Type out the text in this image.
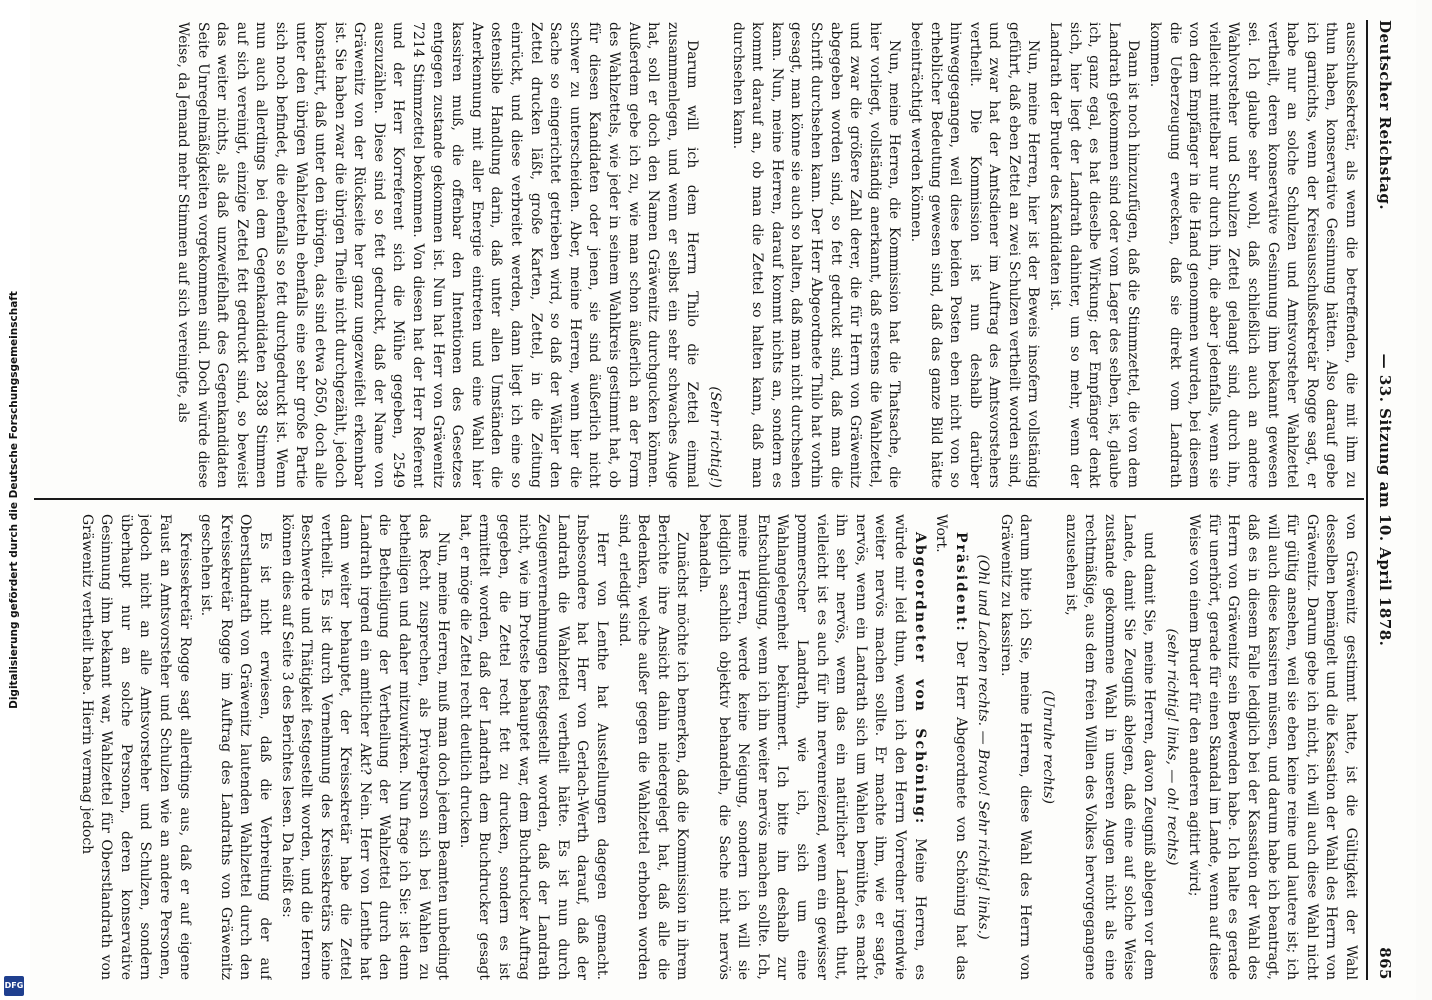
Deutscher Reichstag.
— 33. Sitzung am 10. April 1878.
865

ausschußsekretär, als wenn die betreffenden, die mit ihm zu thun haben, konservative Gesinnung hätten. Also darauf gebe ich garnichts, wenn der Kreisausschußsekretär Rogge sagt, er habe nur an solche Schulzen und Amtsvorsteher Wahlzettel vertheilt, deren konservative Gesinnung ihm bekannt gewesen sei. Ich glaube sehr wohl, daß schließlich auch an andere Wahlvorsteher und Schulzen Zettel gelangt sind, durch ihn, vielleicht mittelbar nur durch ihn, die aber jedenfalls, wenn sie von dem Empfänger in die Hand genommen wurden, bei diesem die Ueberzeugung erwecken, daß sie direkt vom Landrath kommen.

Dann ist noch hinzuzufügen, daß die Stimmzettel, die von dem Landrath gekommen sind oder vom Lager des selben, ist, glaube ich, ganz egal, es hat dieselbe Wirkung; der Empfänger denkt sich, hier liegt der Landrath dahinter, um so mehr, wenn der Landrath der Bruder des Kandidaten ist.

Nun, meine Herren, hier ist der Beweis insofern vollständig geführt, daß eben Zettel an zwei Schulzen vertheilt worden sind, und zwar hat der Amtsdiener im Auftrag des Amtsvorstehers vertheilt. Die Kommission ist nun deshalb darüber hinweggegangen, weil diese beiden Posten eben nicht von so erheblicher Bedeutung gewesen sind, daß das ganze Bild hätte beeinträchtigt werden können.

Nun, meine Herren, die Kommission hat die Thatsache, die hier vorliegt, vollständig anerkannt, daß erstens die Wahlzettel, und zwar die größere Zahl derer, die für Herrn von Gräwenitz abgegeben worden sind, so fett gedruckt sind, daß man die Schrift durchsehen kann. Der Herr Abgeordnete Thilo hat vorhin gesagt, man könne sie auch so halten, daß man nicht durchsehen kann. Nun, meine Herren, darauf kommt nichts an, sondern es kommt darauf an, ob man die Zettel so halten kann, daß man durchsehen kann.

(Sehr richtig!)

Darum will ich dem Herrn Thilo die Zettel einmal zusammenlegen, und wenn er selbst ein sehr schwaches Auge hat, soll er doch den Namen Gräwenitz durchgucken können. Außerdem gebe ich zu, wie man schon äußerlich an der Form des Wahlzettels, wie jeder in seinem Wahlkreis gestimmt hat, ob für diesen Kandidaten oder jenen, sie sind äußerlich nicht schwer zu unterscheiden. Aber, meine Herren, wenn hier die Sache so eingerichtet getrieben wird, so daß der Wähler den Zettel drucken läßt, große Karten, Zettel, in die Zeitung einrückt, und diese verbreitet werden, dann liegt ich eine so ostensible Handlung darin, daß unter allen Umständen die Anerkennung mit aller Energie eintreten und eine Wahl hier kassiren muß, die offenbar den Intentionen des Gesetzes entgegen zustande gekommen ist. Nun hat Herr von Gräwenitz 7214 Stimmzettel bekommen. Von diesen hat der Herr Referent und der Herr Korreferent sich die Mühe gegeben, 2549 auszuzählen. Diese sind so fett gedruckt, daß der Name von Gräwenitz von der Rückseite her ganz ungezweifelt erkennbar ist. Sie haben zwar die übrigen Theile nicht durchgezählt, jedoch konstatirt, daß unter den übrigen, das sind etwa 2650, doch alle unter den übrigen Wahlzetteln ebenfalls eine sehr große Partie sich noch befindet, die ebenfalls so fett durchgedruckt ist. Wenn nun auch allerdings bei dem Gegenkandidaten 2838 Stimmen auf sich vereinigt, einzige Zettel fett gedruckt sind, so beweist das weiter nichts, als daß unzweifelhaft des Gegenkandidaten Seite Unregelmäßigkeiten vorgekommen sind. Doch würde diese Weise, da Jemand mehr Stimmen auf sich vereinigte, als

von Gräwenitz gestimmt hatte, ist die Gültigkeit der Wahl desselben bemängelt und die Kassation der Wahl des Herrn von Gräwenitz. Darum gebe ich nicht, ich will auch diese Wahl nicht für gültig ansehen, weil sie eben keine reine und lautere ist; ich will auch diese kassiren müssen, und darum habe ich beantragt, daß es in diesem Falle lediglich bei der Kassation der Wahl des Herrn von Gräwenitz sein Bewenden habe. Ich halte es gerade für unerhört, gerade für einen Skandal im Lande, wenn auf diese Weise von einem Bruder für den anderen agitirt wird;

(sehr richtig! links, — oh! rechts)

und damit Sie, meine Herren, davon Zeugniß ablegen vor dem Lande, damit Sie Zeugniß ablegen, daß eine auf solche Weise zustande gekommene Wahl in unseren Augen nicht als eine rechtmäßige, aus dem freien Willen des Volkes hervorgegangene anzusehen ist,

(Unruhe rechts)

darum bitte ich Sie, meine Herren, diese Wahl des Herrn von Gräwenitz zu kassiren.

(Ohl und Lachen rechts. — Bravo! Sehr richtig! links.)

Präsident: Der Herr Abgeordnete von Schöning hat das Wort.

Abgeordneter von Schöning: Meine Herren, es würde mir leid thun, wenn ich den Herrn Vorredner irgendwie weiter nervös machen sollte. Er machte ihm, wie er sagte, nervös, wenn ein Landrath sich um Wahlen bemühte, es macht ihn sehr nervös, wenn das ein natürlicher Landrath thut, vielleicht ist es auch für ihn nervenreizend, wenn ein gewisser pommerscher Landrath, wie ich, sich um eine Wahlangelegenheit bekümmert. Ich bitte ihn deshalb zur Entschuldigung, wenn ich ihn weiter nervös machen sollte. Ich, meine Herren, werde keine Neigung, sondern ich will sie lediglich sachlich objektiv behandeln, die Sache nicht nervös behandeln.

Zunächst möchte ich bemerken, daß die Kommission in ihrem Berichte ihre Ansicht dahin niedergelegt hat, daß alle die Bedenken, welche außer gegen die Wahlzettel erhoben worden sind, erledigt sind.

Herr von Lenthe hat Ausstellungen dagegen gemacht. Insbesondere hat Herr von Gerlach-Werth darauf, daß der Landrath die Wahlzettel vertheilt hätte. Es ist nun durch Zeugenvernehmungen festgestellt worden, daß der Landrath nicht, wie im Proteste behauptet war, dem Buchdrucker Auftrag gegeben, die Zettel recht fett zu drucken, sondern es ist ermittelt worden, daß der Landrath dem Buchdrucker gesagt hat, er möge die Zettel recht deutlich drucken.

Nun, meine Herren, muß man doch jedem Beamten unbedingt das Recht zusprechen, als Privatperson sich bei Wahlen zu betheiligen und daher mitzuwirken. Nun frage ich Sie: ist denn die Betheiligung der Vertheilung der Wahlzettel durch den Landrath irgend ein amtlicher Akt? Nein. Herr von Lenthe hat dann weiter behauptet, der Kreissekretär habe die Zettel vertheilt. Es ist durch Vernehmung des Kreissekretärs keine Beschwerde und Thätigkeit festgestellt worden, und die Herren können dies auf Seite 3 des Berichtes lesen. Da heißt es:

Es ist nicht erwiesen, daß die Verbreitung der auf Oberstlandrath von Gräwenitz lautenden Wahlzettel durch den Kreissekretär Rogge im Auftrag des Landraths von Gräwenitz geschehen ist.

Kreissekretär Rogge sagt allerdings aus, daß er auf eigene Faust an Amtsvorsteher und Schulzen wie an andere Personen, jedoch nicht an alle Amtsvorsteher und Schulzen, sondern überhaupt nur an solche Personen, deren konservative Gesinnung ihm bekannt war, Wahlzettel für Oberstlandrath von Gräwenitz vertheilt habe. Hierin vermag jedoch

Digitalisierung gefördert durch die Deutsche Forschungsgemeinschaft
DFG
